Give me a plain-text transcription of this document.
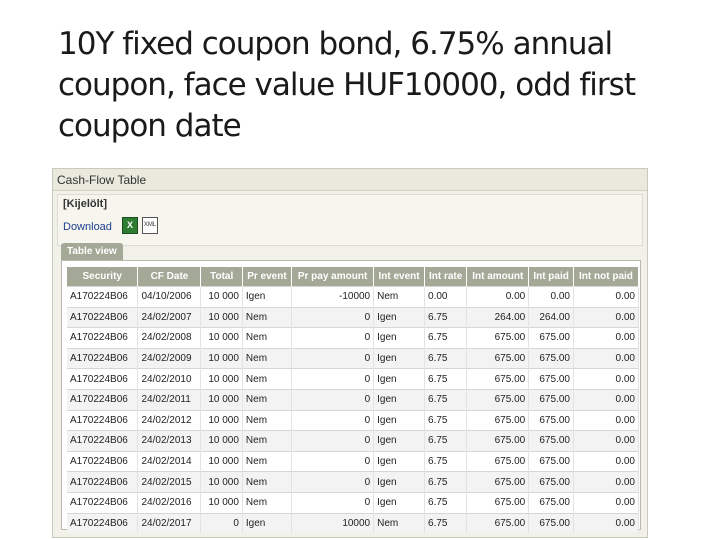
10Y fixed coupon bond, 6.75% annual coupon, face value HUF10000, odd first coupon date
Cash-Flow Table
[Kijelölt]
Download	X	XML
Table view
Security	CF Date	Total	Pr event	Pr pay amount	Int event	Int rate	Int amount	Int paid	Int not paid
A170224B06	04/10/2006	10 000	Igen	-10000	Nem	0.00	0.00	0.00	0.00
A170224B06	24/02/2007	10 000	Nem	0	Igen	6.75	264.00	264.00	0.00
A170224B06	24/02/2008	10 000	Nem	0	Igen	6.75	675.00	675.00	0.00
A170224B06	24/02/2009	10 000	Nem	0	Igen	6.75	675.00	675.00	0.00
A170224B06	24/02/2010	10 000	Nem	0	Igen	6.75	675.00	675.00	0.00
A170224B06	24/02/2011	10 000	Nem	0	Igen	6.75	675.00	675.00	0.00
A170224B06	24/02/2012	10 000	Nem	0	Igen	6.75	675.00	675.00	0.00
A170224B06	24/02/2013	10 000	Nem	0	Igen	6.75	675.00	675.00	0.00
A170224B06	24/02/2014	10 000	Nem	0	Igen	6.75	675.00	675.00	0.00
A170224B06	24/02/2015	10 000	Nem	0	Igen	6.75	675.00	675.00	0.00
A170224B06	24/02/2016	10 000	Nem	0	Igen	6.75	675.00	675.00	0.00
A170224B06	24/02/2017	0	Igen	10000	Nem	6.75	675.00	675.00	0.00
